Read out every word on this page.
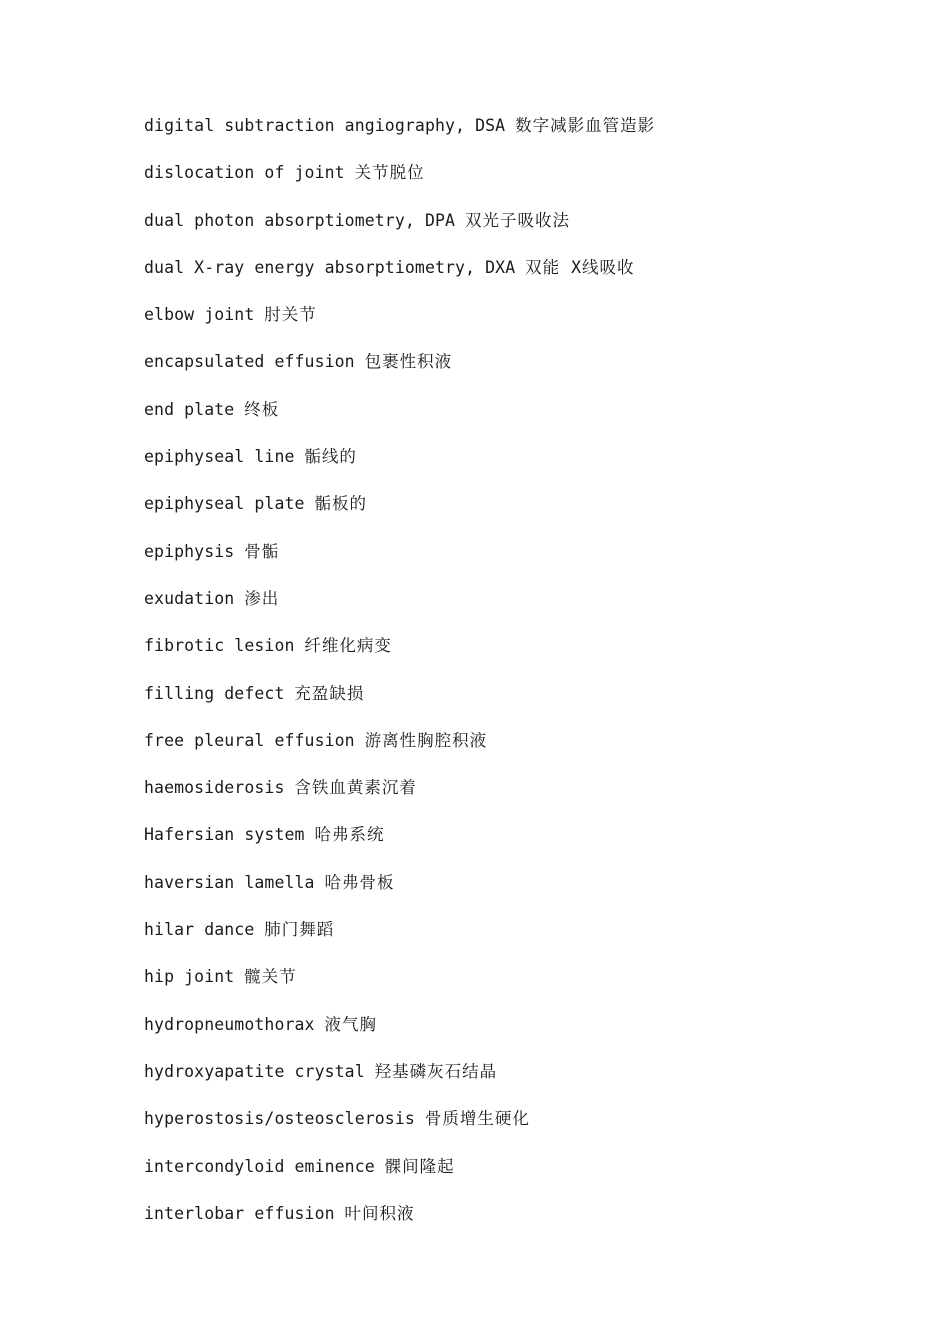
digital subtraction angiography, DSA 数字减影血管造影
dislocation of joint 关节脱位
dual photon absorptiometry, DPA 双光子吸收法
dual X-ray energy absorptiometry, DXA 双能 X线吸收
elbow joint 肘关节
encapsulated effusion 包裹性积液
end plate 终板
epiphyseal line 骺线的
epiphyseal plate 骺板的
epiphysis 骨骺
exudation 渗出
fibrotic lesion 纤维化病变
filling defect 充盈缺损
free pleural effusion 游离性胸腔积液
haemosiderosis 含铁血黄素沉着
Hafersian system 哈弗系统
haversian lamella 哈弗骨板
hilar dance 肺门舞蹈
hip joint 髋关节
hydropneumothorax 液气胸
hydroxyapatite crystal 羟基磷灰石结晶
hyperostosis/osteosclerosis 骨质增生硬化
intercondyloid eminence 髁间隆起
interlobar effusion 叶间积液
